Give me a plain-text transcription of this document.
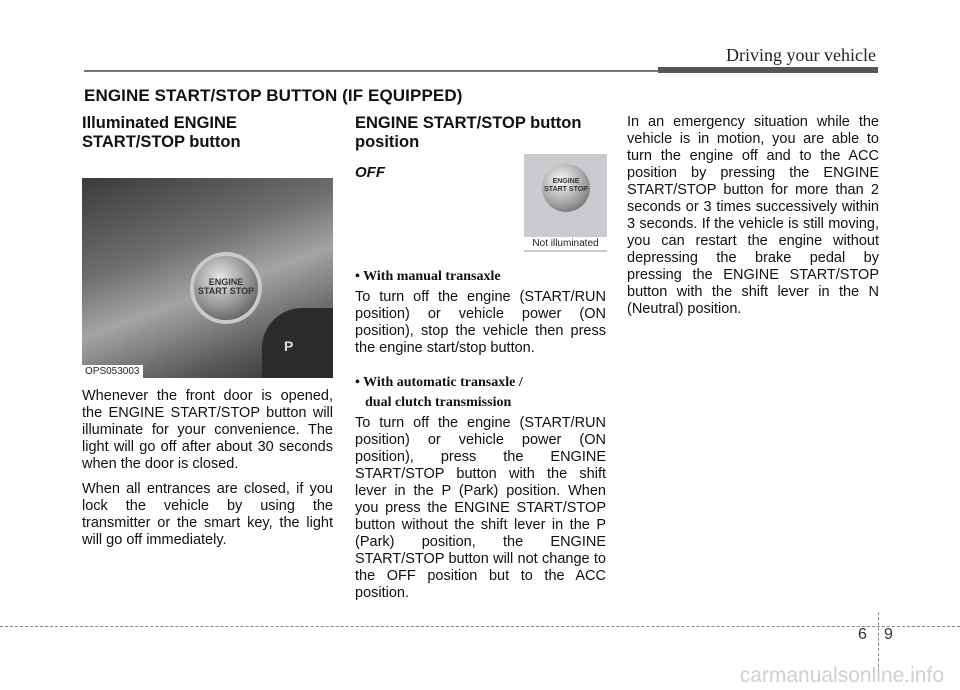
Driving your vehicle
ENGINE START/STOP BUTTON (IF EQUIPPED)
Illuminated ENGINE START/STOP button
ENGINE START STOP
P
OPS053003

Whenever the front door is opened, the ENGINE START/STOP button will illuminate for your convenience. The light will go off after about 30 seconds when the door is closed.

When all entrances are closed, if you lock the vehicle by using the transmitter or the smart key, the light will go off immediately.

ENGINE START/STOP button position
OFF
ENGINE START STOP
Not illuminated
• With manual transaxle

To turn off the engine (START/RUN position) or vehicle power (ON position), stop the vehicle then press the engine start/stop button.

• With automatic transaxle /
dual clutch transmission

To turn off the engine (START/RUN position) or vehicle power (ON position), press the ENGINE START/STOP button with the shift lever in the P (Park) position. When you press the ENGINE START/STOP button without the shift lever in the P (Park) position, the ENGINE START/STOP button will not change to the OFF position but to the ACC position.

In an emergency situation while the vehicle is in motion, you are able to turn the engine off and to the ACC position by pressing the ENGINE START/STOP button for more than 2 seconds or 3 times successively within 3 seconds. If the vehicle is still moving, you can restart the engine without depressing the brake pedal by pressing the ENGINE START/STOP button with the shift lever in the N (Neutral) position.

6 9
carmanualsonline.info
